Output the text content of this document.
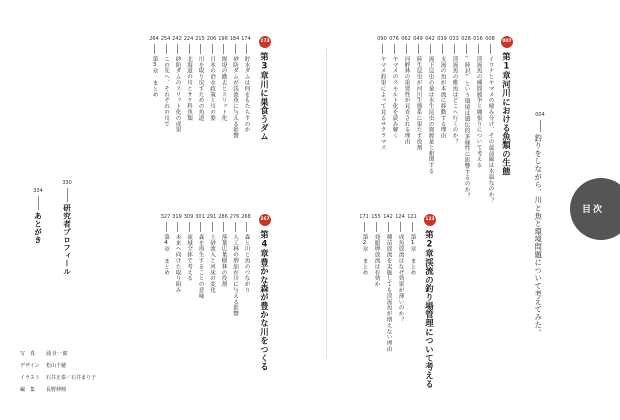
目次
004
釣りをしながら、川と魚と環境問題について考えてみた。
007
第1章
河川における魚類の生態
008
イワナとヤマメの棲み分け、その最前線は水温なのか？
016
渓流魚の種間競争と縄張りについて考える
028
“陸封”という環境は遺伝的多様性に影響するのか？
033
渓流魚の稚魚はどこへ行くのか？
039
支流の魚が本流に移動する理由
042
流下昆虫の量は水生昆虫の資源量と相関する
049
陸生昆虫が河川生態系に果たす役割
062
河畔林の重要性が見直される理由
076
ヤマメのスモルト化を読み解く
090
ヤマメ釣果によって見るサクラマス
123
第2章
渓流の釣り場管理について考える
121
第1章　まとめ
124
成魚放流はなぜ効果が薄いのか？
142
種苗放流を実施しても渓流魚が増えない理由
155
発眼卵放流は有効か
171
第2章　まとめ
173
第3章
川に巣食うダム
174
貯水ダムは何をもたらすのか
184
砂防ダムが渓流魚に与える影響
196
堰堤の撤去とスリット化
206
日本の治水政策と川の姿
215
川を取り戻すための魚道
224
北海道の川とサケ科魚類
242
砂防ダムのスリット化の成果
254
この先へ、それぞれの川で
264
第3章　まとめ
267
第4章
豊かな森が豊かな川をつくる
268
森と川と魚のつながり
276
人工林の増加が川に与える影響
286
落葉広葉樹林の役割
291
土砂流入と河床の変化
301
森を再生することの意味
309
流域全体で考える
319
未来へ向けた取り組み
327
第4章　まとめ
330
研究者プロフィール
334
あとがき
写　真 浦 壮一郎
デザイン 松山千穂
イラスト 石井正泰／石井まり子
編　集 長野伸興
